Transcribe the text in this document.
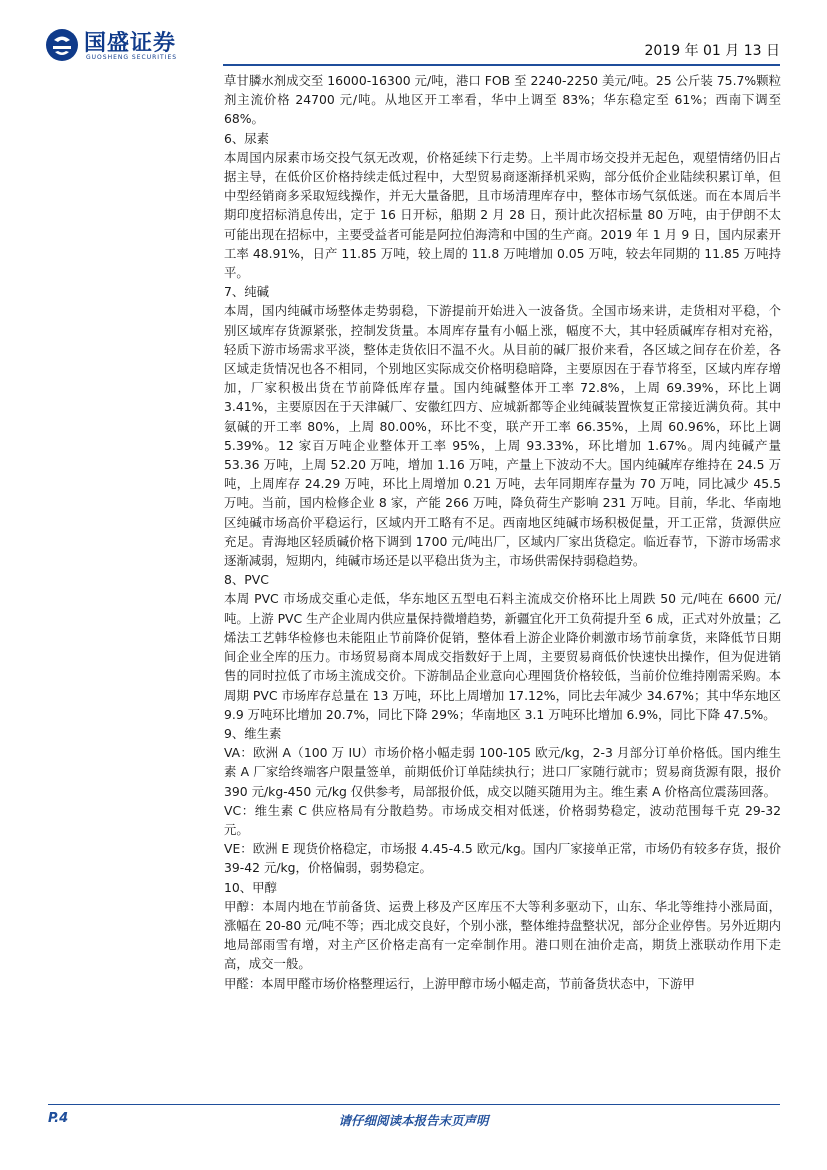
国盛证券
GUOSHENG SECURITIES	2019 年 01 月 13 日

草甘膦水剂成交至 16000-16300 元/吨，港口 FOB 至 2240-2250 美元/吨。25 公斤装 75.7%颗粒剂主流价格 24700 元/吨。从地区开工率看，华中上调至 83%；华东稳定至 61%；西南下调至 68%。

6、尿素

本周国内尿素市场交投气氛无改观，价格延续下行走势。上半周市场交投并无起色，观望情绪仍旧占据主导，在低价区价格持续走低过程中，大型贸易商逐渐择机采购，部分低价企业陆续积累订单，但中型经销商多采取短线操作，并无大量备肥，且市场清理库存中，整体市场气氛低迷。而在本周后半期印度招标消息传出，定于 16 日开标，船期 2 月 28 日，预计此次招标量 80 万吨，由于伊朗不太可能出现在招标中，主要受益者可能是阿拉伯海湾和中国的生产商。2019 年 1 月 9 日，国内尿素开工率 48.91%，日产 11.85 万吨，较上周的 11.8 万吨增加 0.05 万吨，较去年同期的 11.85 万吨持平。

7、纯碱

本周，国内纯碱市场整体走势弱稳，下游提前开始进入一波备货。全国市场来讲，走货相对平稳，个别区域库存货源紧张，控制发货量。本周库存量有小幅上涨，幅度不大，其中轻质碱库存相对充裕，轻质下游市场需求平淡，整体走货依旧不温不火。从目前的碱厂报价来看，各区域之间存在价差，各区域走货情况也各不相同，个别地区实际成交价格明稳暗降，主要原因在于春节将至，区域内库存增加，厂家积极出货在节前降低库存量。国内纯碱整体开工率 72.8%，上周 69.39%，环比上调 3.41%，主要原因在于天津碱厂、安徽红四方、应城新都等企业纯碱装置恢复正常接近满负荷。其中氨碱的开工率 80%，上周 80.00%，环比不变，联产开工率 66.35%，上周 60.96%，环比上调 5.39%。12 家百万吨企业整体开工率 95%，上周 93.33%，环比增加 1.67%。周内纯碱产量 53.36 万吨，上周 52.20 万吨，增加 1.16 万吨，产量上下波动不大。国内纯碱库存维持在 24.5 万吨，上周库存 24.29 万吨，环比上周增加 0.21 万吨，去年同期库存量为 70 万吨，同比减少 45.5 万吨。当前，国内检修企业 8 家，产能 266 万吨，降负荷生产影响 231 万吨。目前，华北、华南地区纯碱市场高价平稳运行，区域内开工略有不足。西南地区纯碱市场积极促量，开工正常，货源供应充足。青海地区轻质碱价格下调到 1700 元/吨出厂，区域内厂家出货稳定。临近春节，下游市场需求逐渐减弱，短期内，纯碱市场还是以平稳出货为主，市场供需保持弱稳趋势。

8、PVC

本周 PVC 市场成交重心走低，华东地区五型电石料主流成交价格环比上周跌 50 元/吨在 6600 元/吨。上游 PVC 生产企业周内供应量保持微增趋势，新疆宜化开工负荷提升至 6 成，正式对外放量；乙烯法工艺韩华检修也未能阻止节前降价促销，整体看上游企业降价刺激市场节前拿货，来降低节日期间企业全库的压力。市场贸易商本周成交指数好于上周，主要贸易商低价快速快出操作，但为促进销售的同时拉低了市场主流成交价。下游制品企业意向心理囤货价格较低，当前价位维持刚需采购。本周期 PVC 市场库存总量在 13 万吨，环比上周增加 17.12%，同比去年减少 34.67%；其中华东地区 9.9 万吨环比增加 20.7%，同比下降 29%；华南地区 3.1 万吨环比增加 6.9%，同比下降 47.5%。

9、维生素

VA：欧洲 A（100 万 IU）市场价格小幅走弱 100-105 欧元/kg，2-3 月部分订单价格低。国内维生素 A 厂家给终端客户限量签单，前期低价订单陆续执行；进口厂家随行就市；贸易商货源有限，报价 390 元/kg-450 元/kg 仅供参考，局部报价低，成交以随买随用为主。维生素 A 价格高位震荡回落。

VC：维生素 C 供应格局有分散趋势。市场成交相对低迷，价格弱势稳定，波动范围每千克 29-32 元。

VE：欧洲 E 现货价格稳定，市场报 4.45-4.5 欧元/kg。国内厂家接单正常，市场仍有较多存货，报价 39-42 元/kg，价格偏弱，弱势稳定。

10、甲醇

甲醇：本周内地在节前备货、运费上移及产区库压不大等利多驱动下，山东、华北等维持小涨局面，涨幅在 20-80 元/吨不等；西北成交良好，个别小涨，整体维持盘整状况，部分企业停售。另外近期内地局部雨雪有增，对主产区价格走高有一定牵制作用。港口则在油价走高，期货上涨联动作用下走高，成交一般。

甲醛：本周甲醛市场价格整理运行，上游甲醇市场小幅走高，节前备货状态中，下游甲

P.4	请仔细阅读本报告末页声明
